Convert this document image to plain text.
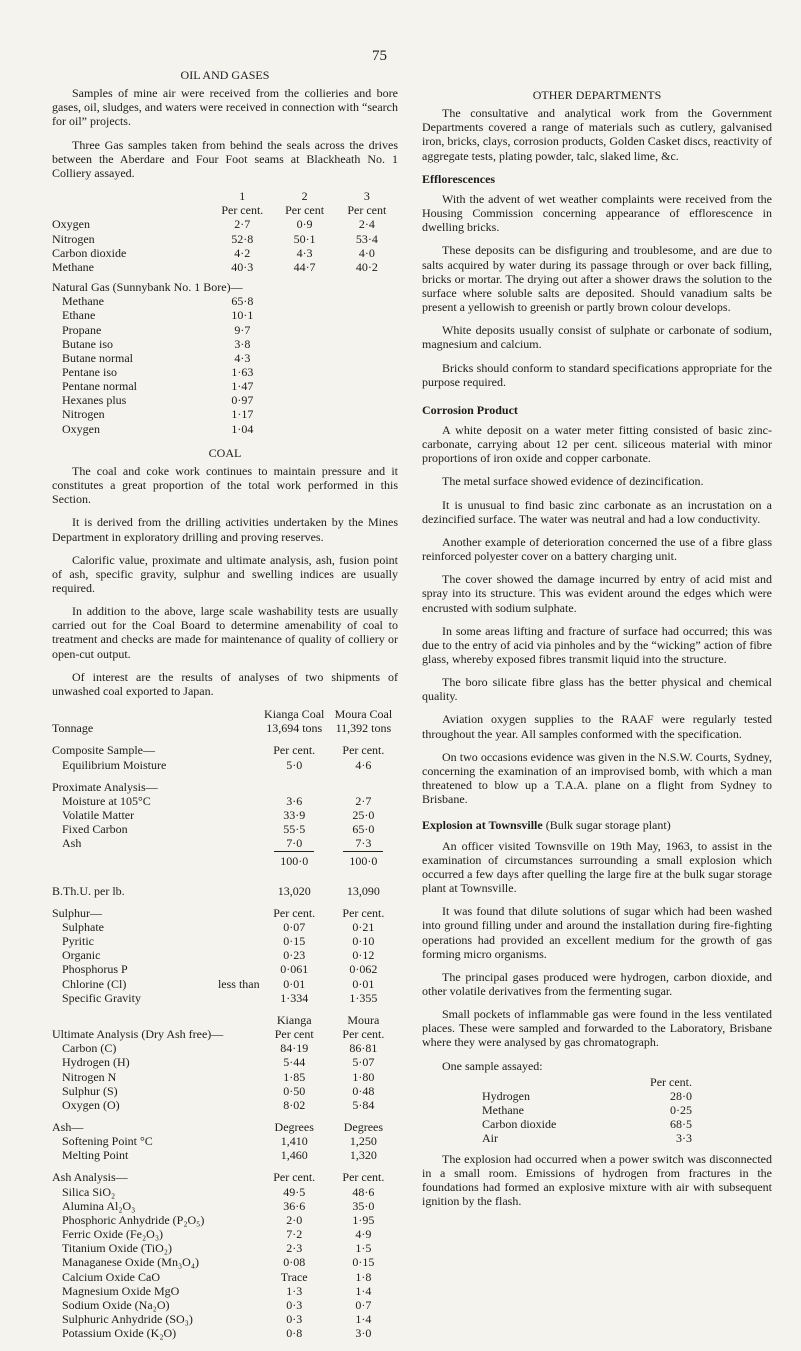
75
OIL AND GASES

Samples of mine air were received from the collieries and bore gases, oil, sludges, and waters were received in connection with “search for oil” projects.

Three Gas samples taken from behind the seals across the drives between the Aberdare and Four Foot seams at Blackheath No. 1 Colliery assayed.

	1	2	3
	Per cent.	Per cent	Per cent
Oxygen	2·7	0·9	2·4
Nitrogen	52·8	50·1	53·4
Carbon dioxide	4·2	4·3	4·0
Methane	40·3	44·7	40·2
Natural Gas (Sunnybank No. 1 Bore)—
Methane	65·8
Ethane	10·1
Propane	9·7
Butane iso	3·8
Butane normal	4·3
Pentane iso	1·63
Pentane normal	1·47
Hexanes plus	0·97
Nitrogen	1·17
Oxygen	1·04
COAL

The coal and coke work continues to maintain pressure and it constitutes a great proportion of the total work performed in this Section.

It is derived from the drilling activities undertaken by the Mines Department in exploratory drilling and proving reserves.

Calorific value, proximate and ultimate analysis, ash, fusion point of ash, specific gravity, sulphur and swelling indices are usually required.

In addition to the above, large scale washability tests are usually carried out for the Coal Board to determine amenability of coal to treatment and checks are made for maintenance of quality of colliery or open-cut output.

Of interest are the results of analyses of two shipments of unwashed coal exported to Japan.

	Kianga Coal	Moura Coal
Tonnage	13,694 tons	11,392 tons

Composite Sample—	Per cent.	Per cent.
Equilibrium Moisture	5·0	4·6

Proximate Analysis—		
Moisture at 105°C	3·6	2·7
Volatile Matter	33·9	25·0
Fixed Carbon	55·5	65·0
Ash	7·0	7·3
	100·0	100·0

B.Th.U. per lb.	13,020	13,090

Sulphur—	Per cent.	Per cent.
Sulphate	0·07	0·21
Pyritic	0·15	0·10
Organic	0·23	0·12
Phosphorus P	0·061	0·062
Chlorine (Cl) less than	0·01	0·01
Specific Gravity	1·334	1·355

	Kianga	Moura
Ultimate Analysis (Dry Ash free)—	Per cent	Per cent.
Carbon (C)	84·19	86·81
Hydrogen (H)	5·44	5·07
Nitrogen N	1·85	1·80
Sulphur (S)	0·50	0·48
Oxygen (O)	8·02	5·84

Ash—	Degrees	Degrees
Softening Point °C	1,410	1,250
Melting Point	1,460	1,320

Ash Analysis—	Per cent.	Per cent.
Silica SiO₂	49·5	48·6
Alumina Al₂O₃	36·6	35·0
Phosphoric Anhydride (P₂O₅)	2·0	1·95
Ferric Oxide (Fe₂O₃)	7·2	4·9
Titanium Oxide (TiO₂)	2·3	1·5
Managanese Oxide (Mn₃O₄)	0·08	0·15
Calcium Oxide CaO	Trace	1·8
Magnesium Oxide MgO	1·3	1·4
Sodium Oxide (Na₂O)	0·3	0·7
Sulphuric Anhydride (SO₃)	0·3	1·4
Potassium Oxide (K₂O)	0·8	3·0
OTHER DEPARTMENTS

The consultative and analytical work from the Government Departments covered a range of materials such as cutlery, galvanised iron, bricks, clays, corrosion products, Golden Casket discs, reactivity of aggregate tests, plating powder, talc, slaked lime, &c.

Efflorescences

With the advent of wet weather complaints were received from the Housing Commission concerning appearance of efflorescence in dwelling bricks.

These deposits can be disfiguring and troublesome, and are due to salts acquired by water during its passage through or over back filling, bricks or mortar. The drying out after a shower draws the solution to the surface where soluble salts are deposited. Should vanadium salts be present a yellowish to greenish or partly brown colour develops.

White deposits usually consist of sulphate or carbonate of sodium, magnesium and calcium.

Bricks should conform to standard specifications appropriate for the purpose required.

Corrosion Product

A white deposit on a water meter fitting consisted of basic zinc-carbonate, carrying about 12 per cent. siliceous material with minor proportions of iron oxide and copper carbonate.

The metal surface showed evidence of dezincification.

It is unusual to find basic zinc carbonate as an incrustation on a dezincified surface. The water was neutral and had a low conductivity.

Another example of deterioration concerned the use of a fibre glass reinforced polyester cover on a battery charging unit.

The cover showed the damage incurred by entry of acid mist and spray into its structure. This was evident around the edges which were encrusted with sodium sulphate.

In some areas lifting and fracture of surface had occurred; this was due to the entry of acid via pinholes and by the “wicking” action of fibre glass, whereby exposed fibres transmit liquid into the structure.

The boro silicate fibre glass has the better physical and chemical quality.

Aviation oxygen supplies to the RAAF were regularly tested throughout the year. All samples conformed with the specification.

On two occasions evidence was given in the N.S.W. Courts, Sydney, concerning the examination of an improvised bomb, with which a man threatened to blow up a T.A.A. plane on a flight from Sydney to Brisbane.

Explosion at Townsville (Bulk sugar storage plant)

An officer visited Townsville on 19th May, 1963, to assist in the examination of circumstances surrounding a small explosion which occurred a few days after quelling the large fire at the bulk sugar storage plant at Townsville.

It was found that dilute solutions of sugar which had been washed into ground filling under and around the installation during fire-fighting operations had provided an excellent medium for the growth of gas forming micro organisms.

The principal gases produced were hydrogen, carbon dioxide, and other volatile derivatives from the fermenting sugar.

Small pockets of inflammable gas were found in the less ventilated places. These were sampled and forwarded to the Laboratory, Brisbane where they were analysed by gas chromatograph.

One sample assayed:
	Per cent.
Hydrogen	28·0
Methane	0·25
Carbon dioxide	68·5
Air	3·3

The explosion had occurred when a power switch was disconnected in a small room. Emissions of hydrogen from fractures in the foundations had formed an explosive mixture with air with subsequent ignition by the flash.
